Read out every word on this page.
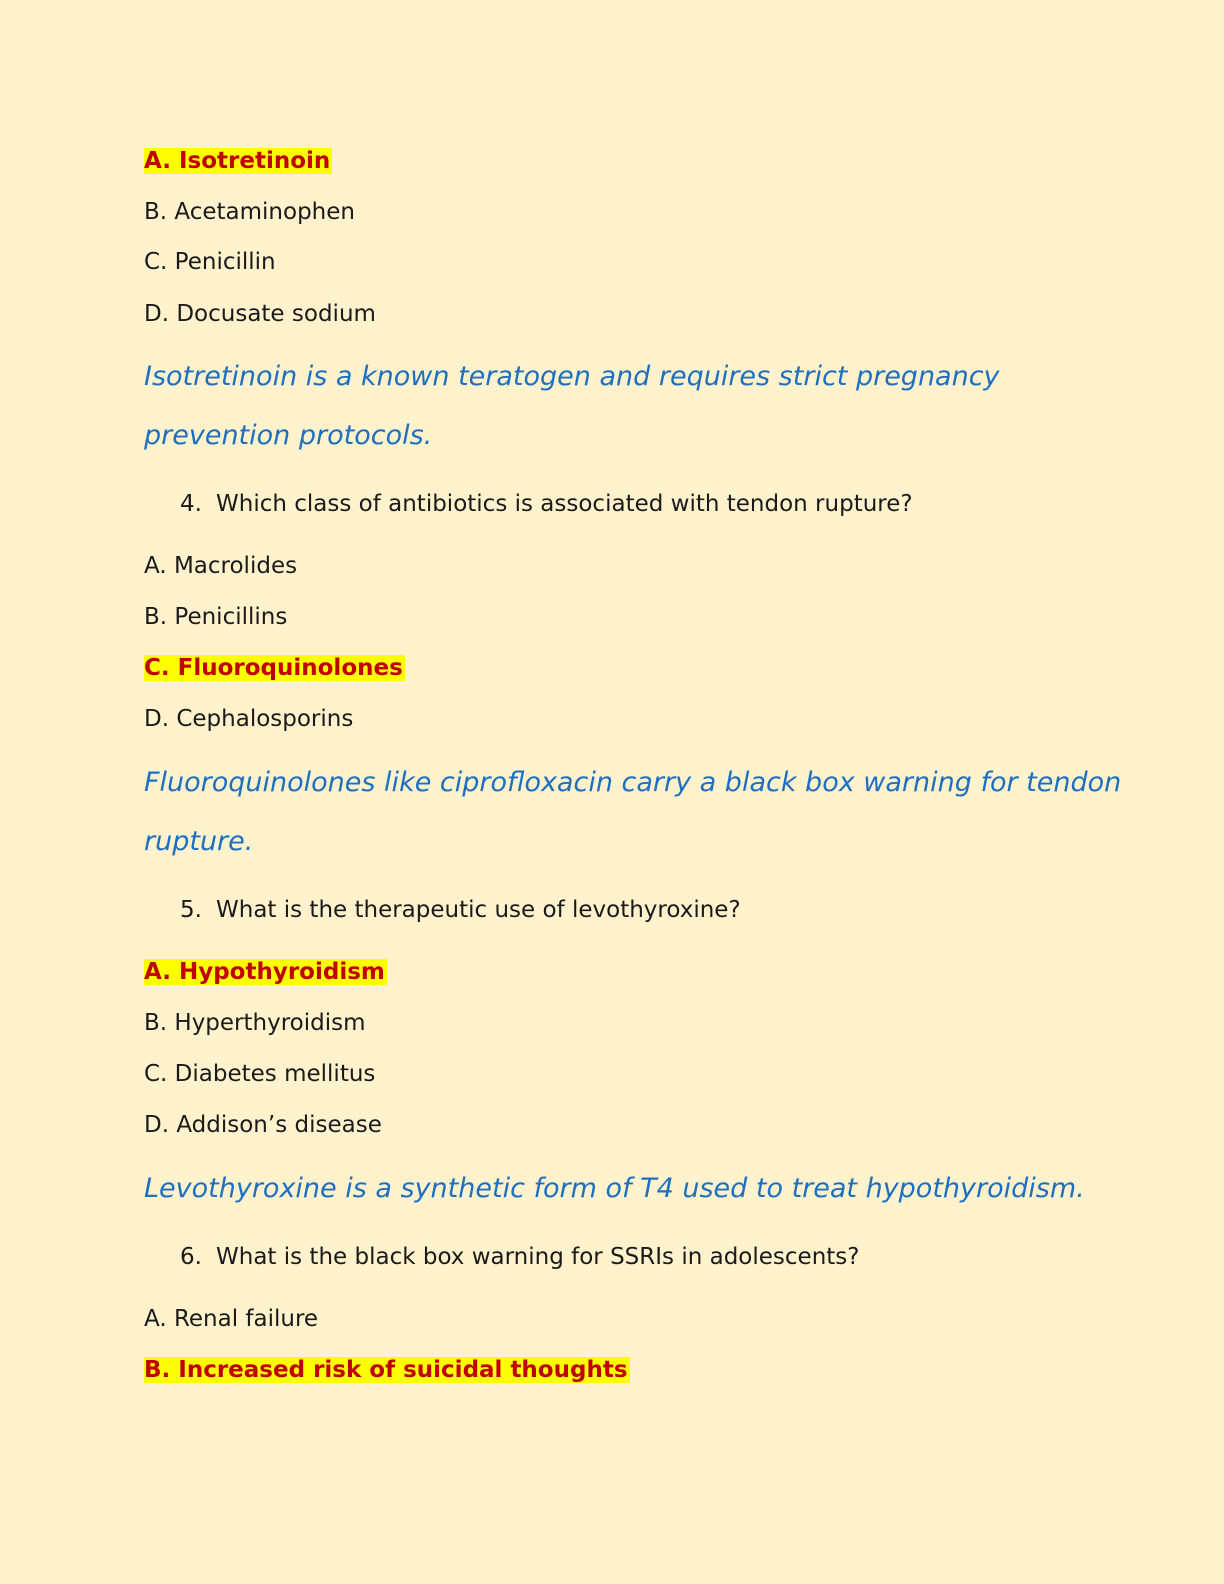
A. Isotretinoin
B. Acetaminophen
C. Penicillin
D. Docusate sodium
Isotretinoin is a known teratogen and requires strict pregnancy
prevention protocols.
4. Which class of antibiotics is associated with tendon rupture?
A. Macrolides
B. Penicillins
C. Fluoroquinolones
D. Cephalosporins
Fluoroquinolones like ciprofloxacin carry a black box warning for tendon
rupture.
5. What is the therapeutic use of levothyroxine?
A. Hypothyroidism
B. Hyperthyroidism
C. Diabetes mellitus
D. Addison’s disease
Levothyroxine is a synthetic form of T4 used to treat hypothyroidism.
6. What is the black box warning for SSRIs in adolescents?
A. Renal failure
B. Increased risk of suicidal thoughts
